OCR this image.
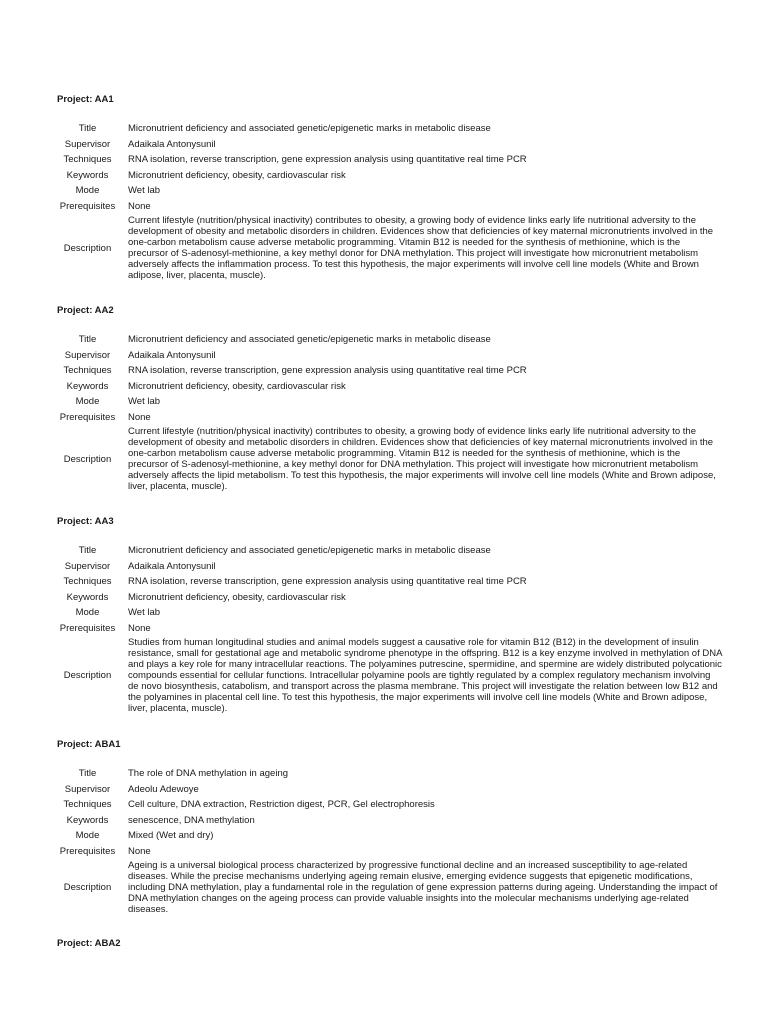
Project: AA1
Title	Micronutrient deficiency and associated genetic/epigenetic marks in metabolic disease
Supervisor	Adaikala Antonysunil
Techniques	RNA isolation, reverse transcription, gene expression analysis using quantitative real time PCR
Keywords	Micronutrient deficiency, obesity, cardiovascular risk
Mode	Wet lab
Prerequisites	None
Description	Current lifestyle (nutrition/physical inactivity) contributes to obesity, a growing body of evidence links early life nutritional adversity to the development of obesity and metabolic disorders in children. Evidences show that deficiencies of key maternal micronutrients involved in the one-carbon metabolism cause adverse metabolic programming. Vitamin B12 is needed for the synthesis of methionine, which is the precursor of S-adenosyl-methionine, a key methyl donor for DNA methylation. This project will investigate how micronutrient metabolism adversely affects the inflammation process. To test this hypothesis, the major experiments will involve cell line models (White and Brown adipose, liver, placenta, muscle).
Project: AA2
Title	Micronutrient deficiency and associated genetic/epigenetic marks in metabolic disease
Supervisor	Adaikala Antonysunil
Techniques	RNA isolation, reverse transcription, gene expression analysis using quantitative real time PCR
Keywords	Micronutrient deficiency, obesity, cardiovascular risk
Mode	Wet lab
Prerequisites	None
Description	Current lifestyle (nutrition/physical inactivity) contributes to obesity, a growing body of evidence links early life nutritional adversity to the development of obesity and metabolic disorders in children. Evidences show that deficiencies of key maternal micronutrients involved in the one-carbon metabolism cause adverse metabolic programming. Vitamin B12 is needed for the synthesis of methionine, which is the precursor of S-adenosyl-methionine, a key methyl donor for DNA methylation. This project will investigate how micronutrient metabolism adversely affects the lipid metabolism. To test this hypothesis, the major experiments will involve cell line models (White and Brown adipose, liver, placenta, muscle).
Project: AA3
Title	Micronutrient deficiency and associated genetic/epigenetic marks in metabolic disease
Supervisor	Adaikala Antonysunil
Techniques	RNA isolation, reverse transcription, gene expression analysis using quantitative real time PCR
Keywords	Micronutrient deficiency, obesity, cardiovascular risk
Mode	Wet lab
Prerequisites	None
Description	Studies from human longitudinal studies and animal models suggest a causative role for vitamin B12 (B12) in the development of insulin resistance, small for gestational age and metabolic syndrome phenotype in the offspring. B12 is a key enzyme involved in methylation of DNA and plays a key role for many intracellular reactions. The polyamines putrescine, spermidine, and spermine are widely distributed polycationic compounds essential for cellular functions. Intracellular polyamine pools are tightly regulated by a complex regulatory mechanism involving de novo biosynthesis, catabolism, and transport across the plasma membrane. This project will investigate the relation between low B12 and the polyamines in placental cell line. To test this hypothesis, the major experiments will involve cell line models (White and Brown adipose, liver, placenta, muscle).
Project: ABA1
Title	The role of DNA methylation in ageing
Supervisor	Adeolu Adewoye
Techniques	Cell culture, DNA extraction, Restriction digest, PCR, Gel electrophoresis
Keywords	senescence, DNA methylation
Mode	Mixed (Wet and dry)
Prerequisites	None
Description	Ageing is a universal biological process characterized by progressive functional decline and an increased susceptibility to age-related diseases. While the precise mechanisms underlying ageing remain elusive, emerging evidence suggests that epigenetic modifications, including DNA methylation, play a fundamental role in the regulation of gene expression patterns during ageing. Understanding the impact of DNA methylation changes on the ageing process can provide valuable insights into the molecular mechanisms underlying age-related diseases.
Project: ABA2
